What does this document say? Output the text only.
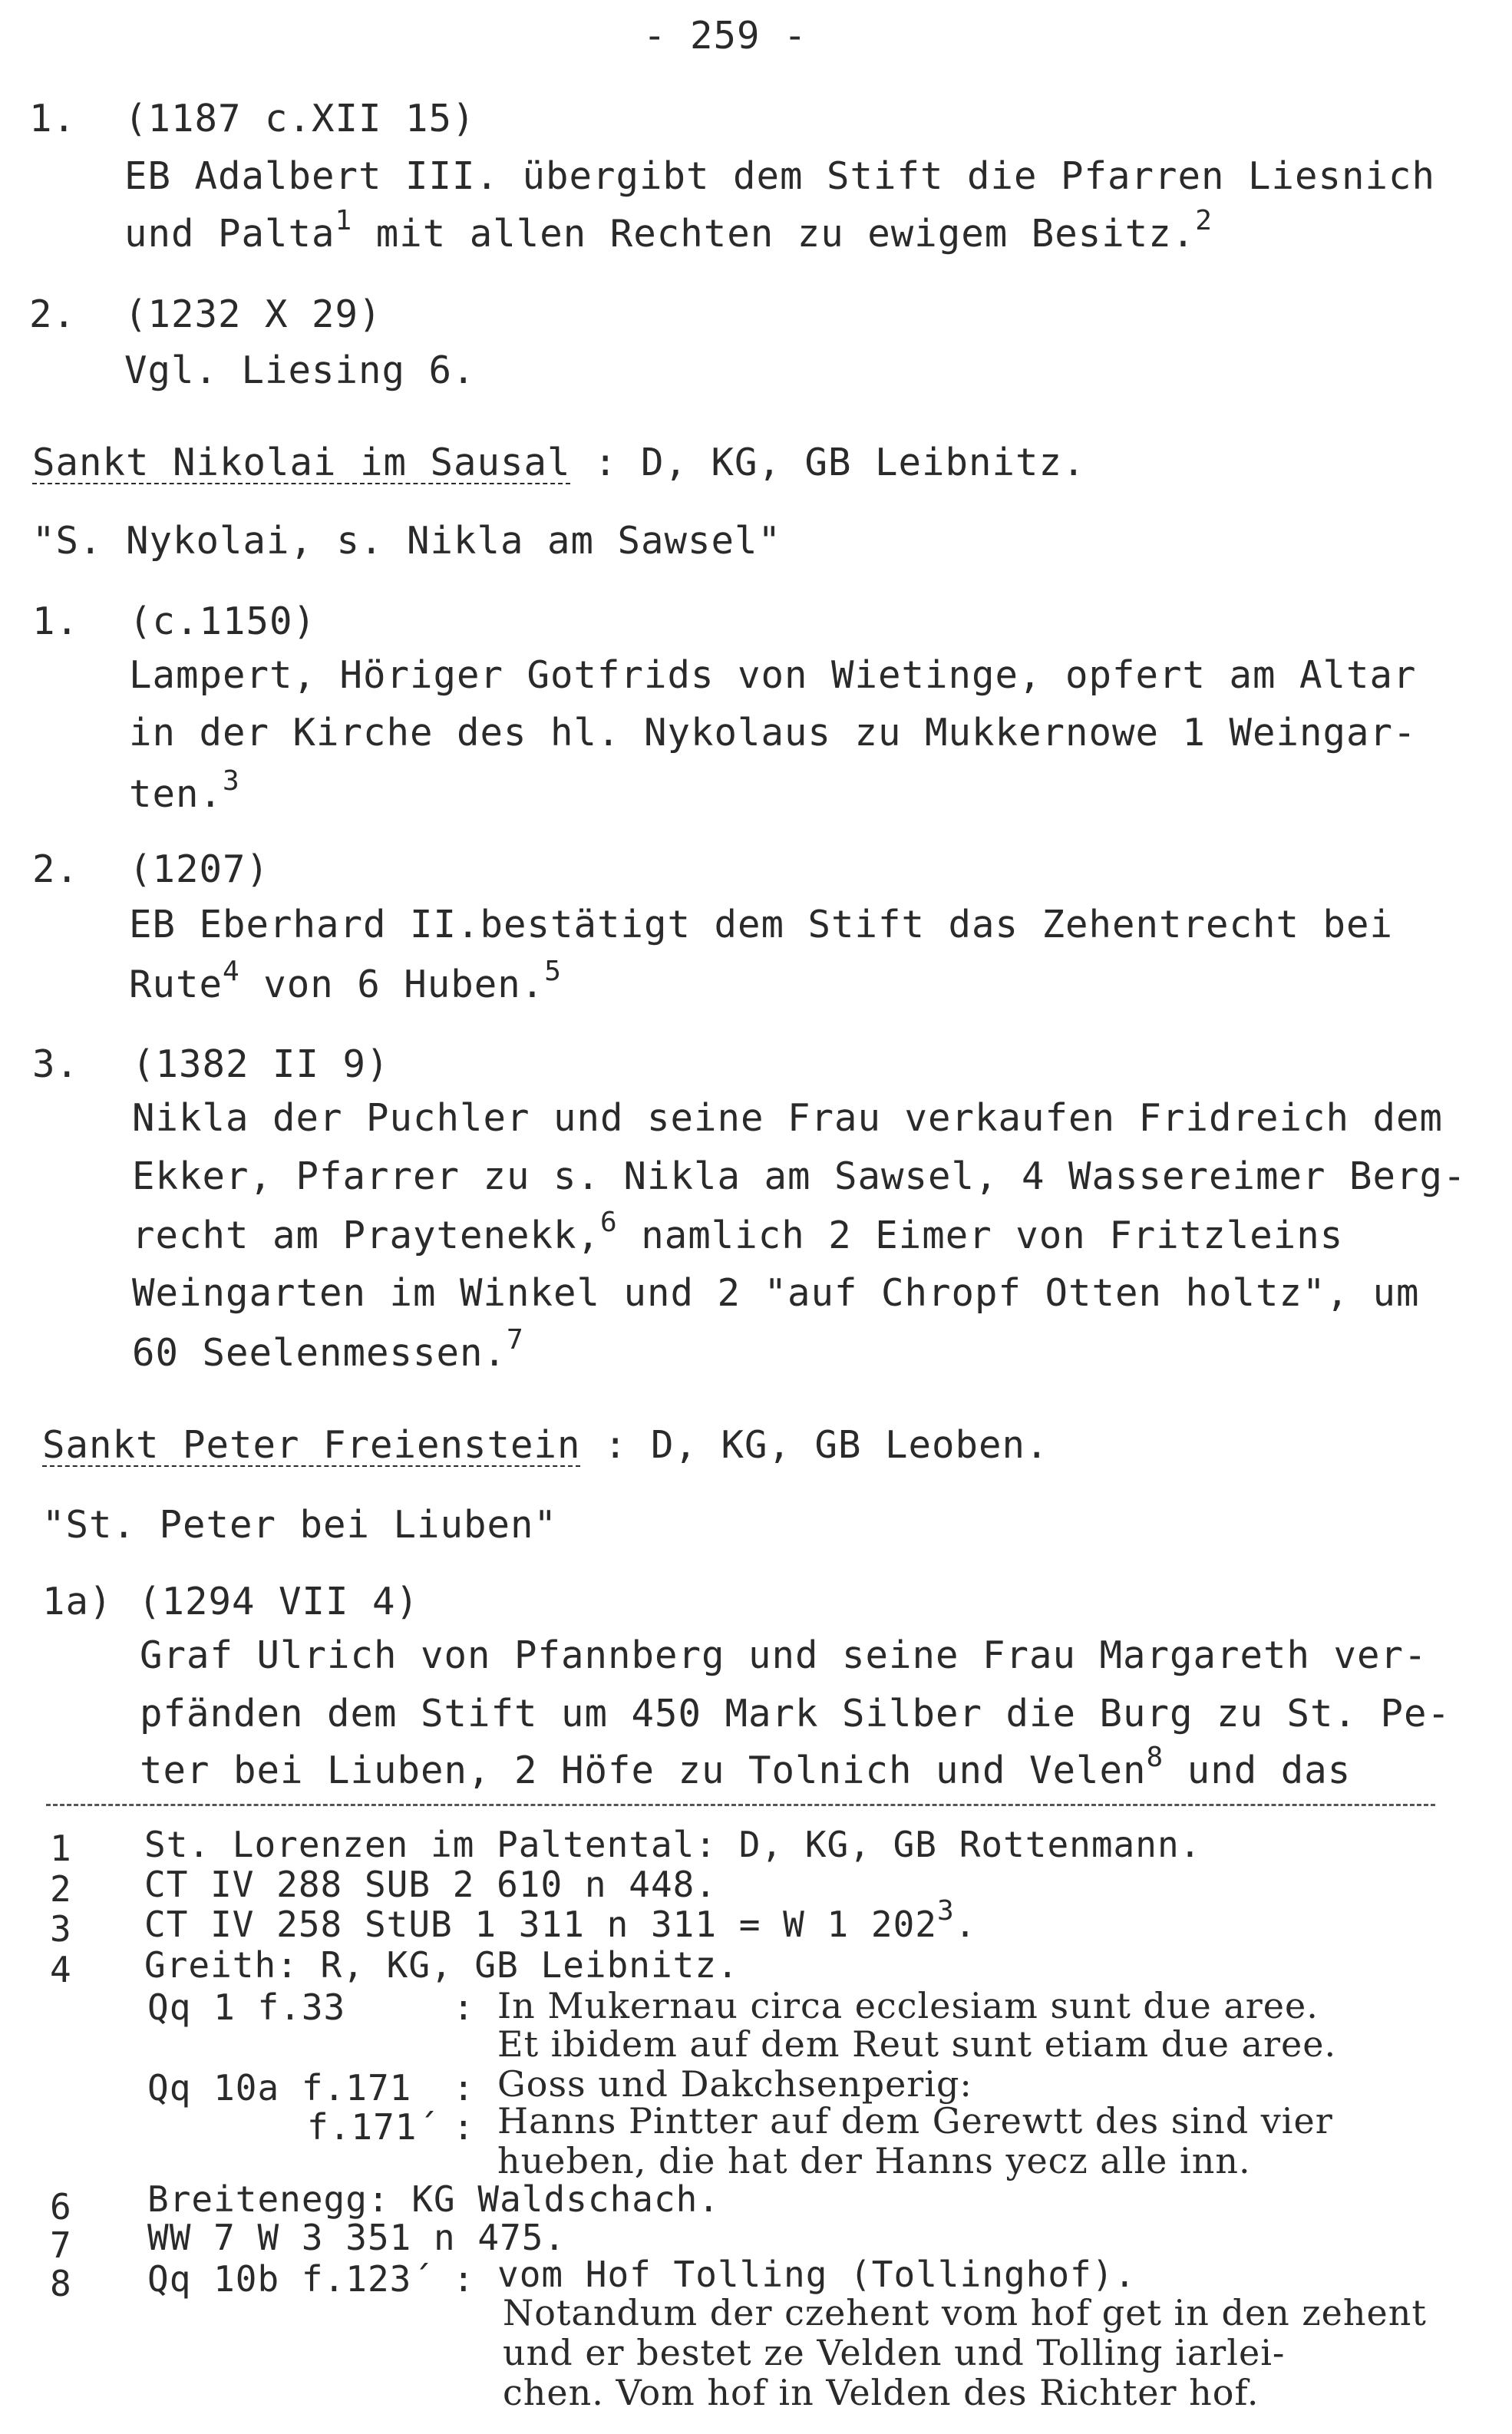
- 259 -
1. (1187 c.XII 15)
EB Adalbert III. übergibt dem Stift die Pfarren Liesnich
und Palta$^1$ mit allen Rechten zu ewigem Besitz.$^2$
2. (1232 X 29)
Vgl. Liesing 6.
Sankt Nikolai im Sausal : D, KG, GB Leibnitz.
"S. Nykolai, s. Nikla am Sawsel"
1. (c.1150)
Lampert, Höriger Gotfrids von Wietinge, opfert am Altar
in der Kirche des hl. Nykolaus zu Mukkernowe 1 Weingar-
ten.$^3$
2. (1207)
EB Eberhard II.bestätigt dem Stift das Zehentrecht bei
Rute$^4$ von 6 Huben.$^5$
3. (1382 II 9)
Nikla der Puchler und seine Frau verkaufen Fridreich dem
Ekker, Pfarrer zu s. Nikla am Sawsel, 4 Wassereimer Berg-
recht am Praytenekk,$^6$ namlich 2 Eimer von Fritzleins
Weingarten im Winkel und 2 "auf Chropf Otten holtz", um
60 Seelenmessen.$^7$
Sankt Peter Freienstein : D, KG, GB Leoben.
"St. Peter bei Liuben"
1a) (1294 VII 4)
Graf Ulrich von Pfannberg und seine Frau Margareth ver-
pfänden dem Stift um 450 Mark Silber die Burg zu St. Pe-
ter bei Liuben, 2 Höfe zu Tolnich und Velen$^8$ und das
1 St. Lorenzen im Paltental: D, KG, GB Rottenmann.
2 CT IV 288 SUB 2 610 n 448.
3 CT IV 258 StUB 1 311 n 311 = W 1 $202^3$.
4 Greith: R, KG, GB Leibnitz.
Qq 1 f.33	: In Mukernau circa ecclesiam sunt due aree.
Et ibidem auf dem Reut sunt etiam due aree.
Qq 10a f.171 : Goss und Dakchsenperig:
f.171´ : Hanns Pintter auf dem Gerewtt des sind vier
hueben, die hat der Hanns yecz alle inn.
6 Breitenegg: KG Waldschach.
7 WW 7 W 3 351 n 475.
8 Qq 10b f.123´ : vom Hof Tolling (Tollinghof).
Notandum der czehent vom hof get in den zehent
und er bestet ze Velden und Tolling iarlei-
chen. Vom hof in Velden des Richter hof.
